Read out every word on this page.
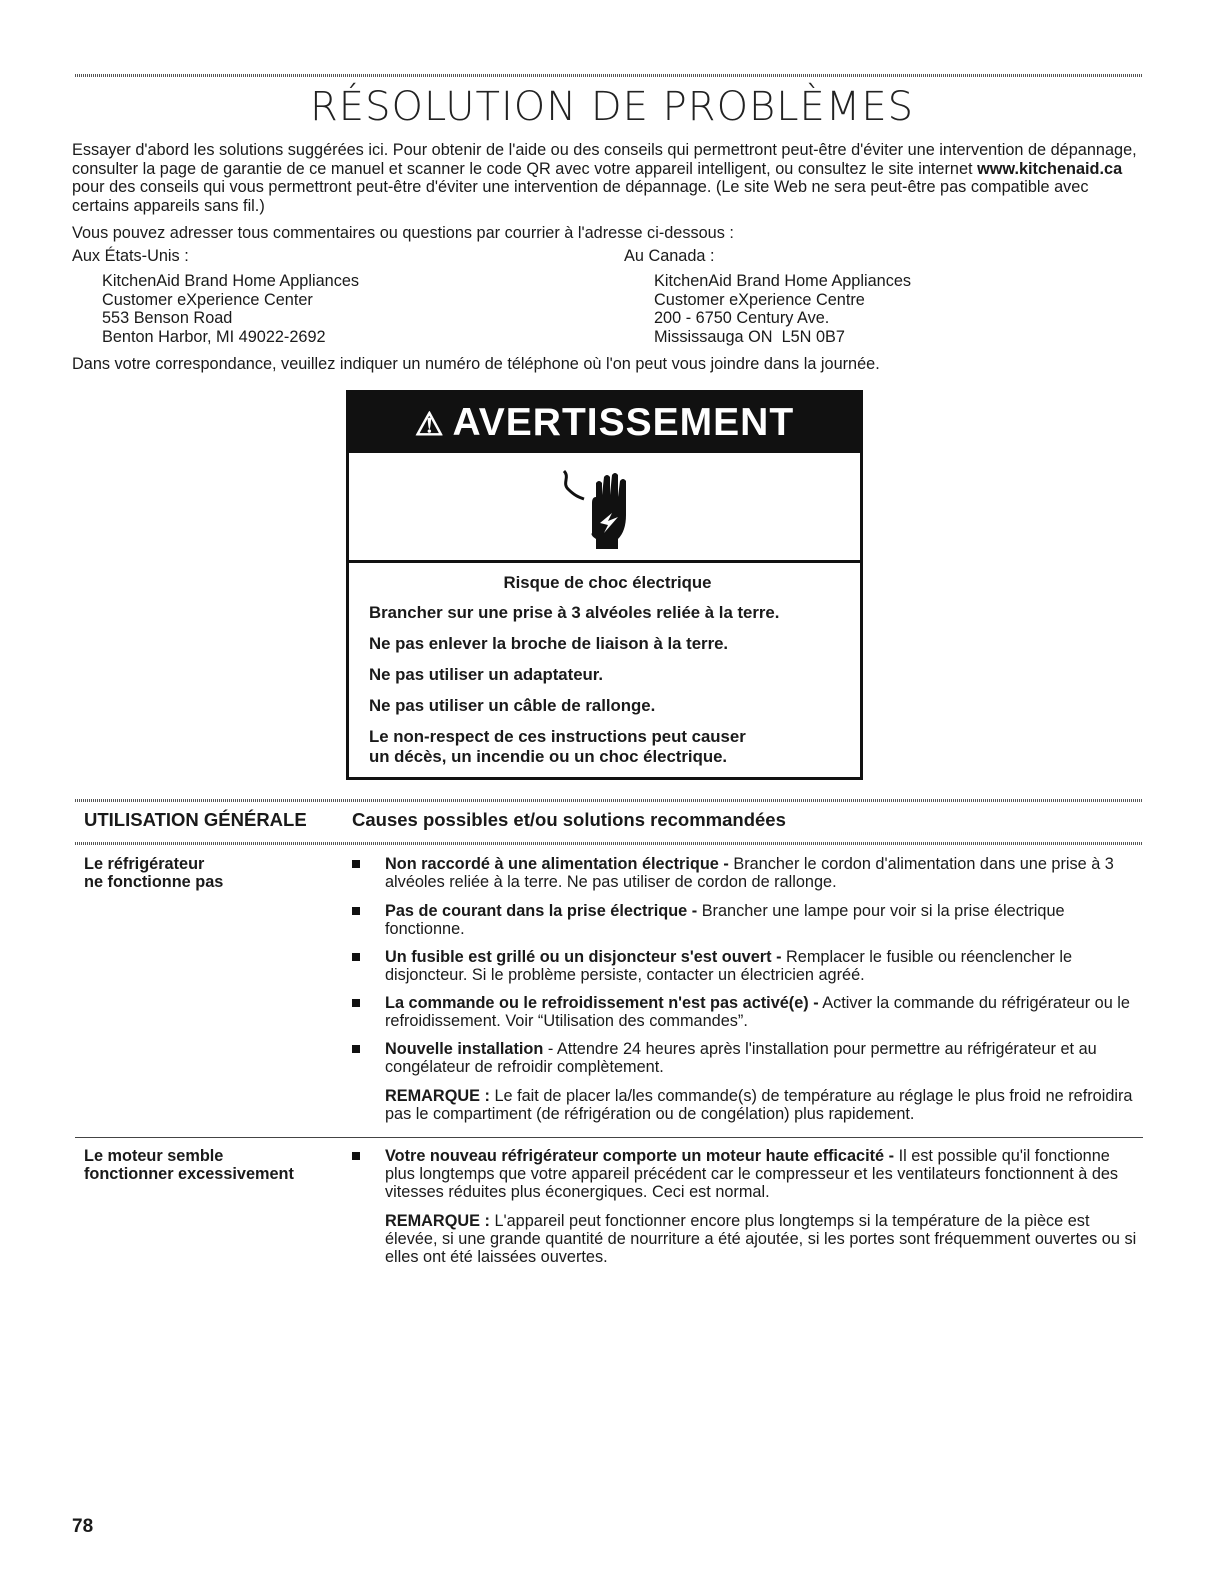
RÉSOLUTION DE PROBLÈMES
Essayer d'abord les solutions suggérées ici. Pour obtenir de l'aide ou des conseils qui permettront peut-être d'éviter une intervention de dépannage, consulter la page de garantie de ce manuel et scanner le code QR avec votre appareil intelligent, ou consultez le site internet www.kitchenaid.ca pour des conseils qui vous permettront peut-être d'éviter une intervention de dépannage. (Le site Web ne sera peut-être pas compatible avec certains appareils sans fil.)
Vous pouvez adresser tous commentaires ou questions par courrier à l'adresse ci-dessous :
Aux États-Unis :
KitchenAid Brand Home Appliances
Customer eXperience Center
553 Benson Road
Benton Harbor, MI 49022-2692
Au Canada :
KitchenAid Brand Home Appliances
Customer eXperience Centre
200 - 6750 Century Ave.
Mississauga ON  L5N 0B7
Dans votre correspondance, veuillez indiquer un numéro de téléphone où l'on peut vous joindre dans la journée.
⚠ AVERTISSEMENT
Risque de choc électrique
Brancher sur une prise à 3 alvéoles reliée à la terre.
Ne pas enlever la broche de liaison à la terre.
Ne pas utiliser un adaptateur.
Ne pas utiliser un câble de rallonge.
Le non-respect de ces instructions peut causer
un décès, un incendie ou un choc électrique.
UTILISATION GÉNÉRALE Causes possibles et/ou solutions recommandées
Le réfrigérateur
ne fonctionne pas
Non raccordé à une alimentation électrique - Brancher le cordon d'alimentation dans une prise à 3 alvéoles reliée à la terre. Ne pas utiliser de cordon de rallonge.
Pas de courant dans la prise électrique - Brancher une lampe pour voir si la prise électrique fonctionne.
Un fusible est grillé ou un disjoncteur s'est ouvert - Remplacer le fusible ou réenclencher le disjoncteur. Si le problème persiste, contacter un électricien agréé.
La commande ou le refroidissement n'est pas activé(e) - Activer la commande du réfrigérateur ou le refroidissement. Voir “Utilisation des commandes”.
Nouvelle installation - Attendre 24 heures après l'installation pour permettre au réfrigérateur et au congélateur de refroidir complètement.
REMARQUE : Le fait de placer la/les commande(s) de température au réglage le plus froid ne refroidira pas le compartiment (de réfrigération ou de congélation) plus rapidement.
Le moteur semble
fonctionner excessivement
Votre nouveau réfrigérateur comporte un moteur haute efficacité - Il est possible qu'il fonctionne plus longtemps que votre appareil précédent car le compresseur et les ventilateurs fonctionnent à des vitesses réduites plus éconergiques. Ceci est normal.
REMARQUE : L'appareil peut fonctionner encore plus longtemps si la température de la pièce est élevée, si une grande quantité de nourriture a été ajoutée, si les portes sont fréquemment ouvertes ou si elles ont été laissées ouvertes.
78
